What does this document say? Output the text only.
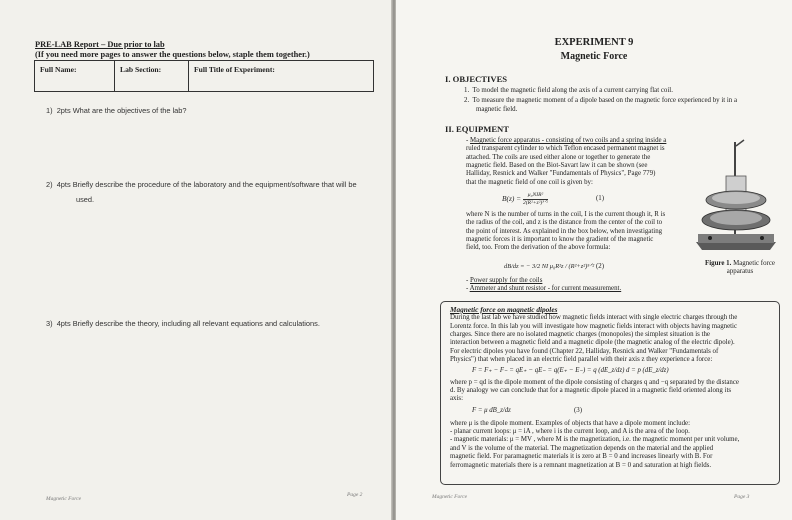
PRE-LAB Report – Due prior to lab
(If you need more pages to answer the questions below, staple them together.)
Full Name:	Lab Section:	Full Title of Experiment:
1) 2pts What are the objectives of the lab?
2) 4pts Briefly describe the procedure of the laboratory and the equipment/software that will be
used.
3) 4pts Briefly describe the theory, including all relevant equations and calculations.
Magnetic Force
Page 2
EXPERIMENT 9
Magnetic Force
I. OBJECTIVES
1. To model the magnetic field along the axis of a current carrying flat coil.
2. To measure the magnetic moment of a dipole based on the magnetic force experienced by it in a
magnetic field.
II. EQUIPMENT
- Magnetic force apparatus - consisting of two coils and a spring inside a
ruled transparent cylinder to which Teflon encased permanent magnet is
attached. The coils are used either alone or together to generate the
magnetic field. Based on the Biot-Savart law it can be shown (see
Halliday, Resnick and Walker "Fundamentals of Physics", Page 779)
that the magnetic field of one coil is given by:
B(z) =	μ₀NIR²
2(R²+z²)³ᐟ²
(1)
where N is the number of turns in the coil, I is the current though it, R is
the radius of the coil, and z is the distance from the center of the coil to
the point of interest. As explained in the box below, when investigating
magnetic forces it is important to know the gradient of the magnetic
field, too. From the derivation of the above formula:
dB/dz = − 3/2 NI μ₀R²z / (R²+z²)⁵ᐟ² (2)
- Power supply for the coils
- Ammeter and shunt resistor - for current measurement.
Figure 1. Magnetic force
apparatus
Magnetic force on magnetic dipoles
During the last lab we have studied how magnetic fields interact with single electric charges through the
Lorentz force. In this lab you will investigate how magnetic fields interact with objects having magnetic
charges. Since there are no isolated magnetic charges (monopoles) the simplest situation is the
interaction between a magnetic field and a magnetic dipole (the magnetic analog of the electric dipole).
For electric dipoles you have found (Chapter 22, Halliday, Resnick and Walker "Fundamentals of
Physics") that when placed in an electric field parallel with their axis z they experience a force:
F = F₊ − F₋ = qE₊ − qE₋ = q(E₊ − E₋) = q (dE_z/dz) d = p (dE_z/dz)
where p = qd is the dipole moment of the dipole consisting of charges q and −q separated by the distance
d. By analogy we can conclude that for a magnetic dipole placed in a magnetic field oriented along its
axis:
F = μ dB_z/dz	(3)
where μ is the dipole moment. Examples of objects that have a dipole moment include:
- planar current loops: μ = iA , where i is the current loop, and A is the area of the loop.
- magnetic materials: μ = MV , where M is the magnetization, i.e. the magnetic moment per unit volume,
and V is the volume of the material. The magnetization depends on the material and the applied
magnetic field. For paramagnetic materials it is zero at B = 0 and increases linearly with B. For
ferromagnetic materials there is a remnant magnetization at B = 0 and saturation at high fields.
Magnetic Force	Page 3
